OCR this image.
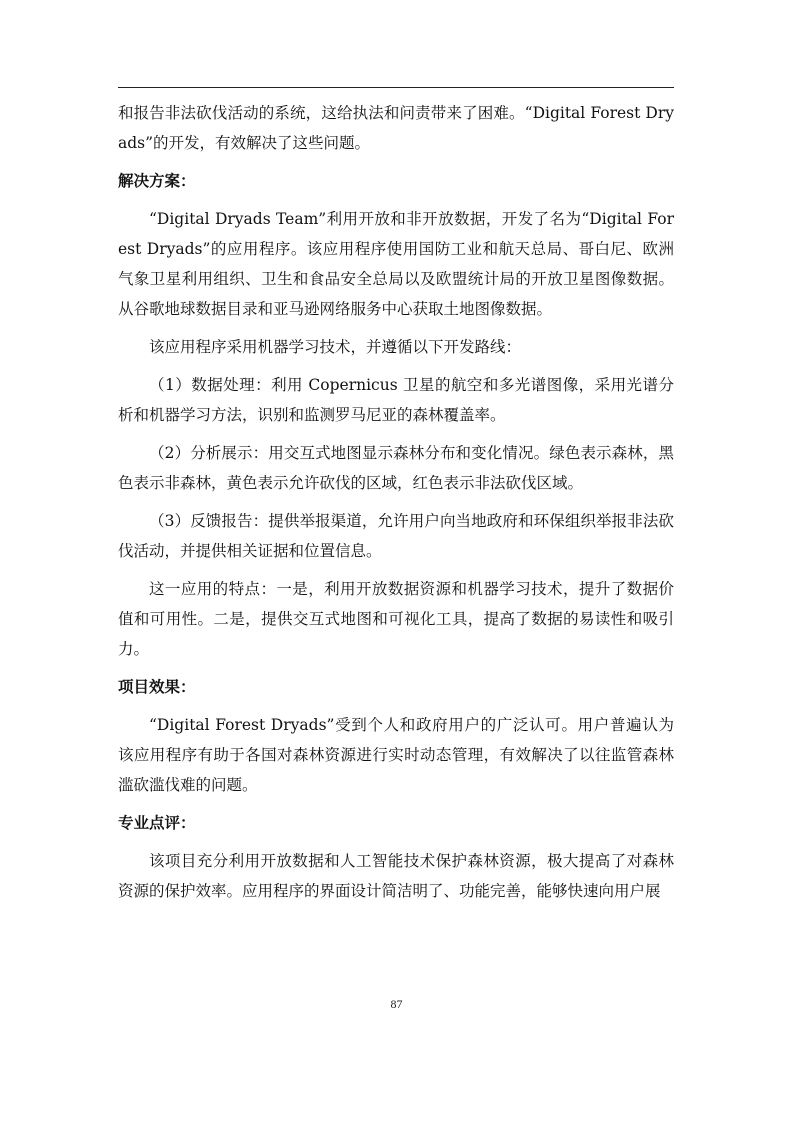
和报告非法砍伐活动的系统，这给执法和问责带来了困难。“Digital Forest Dryads”的开发，有效解决了这些问题。

解决方案：

“Digital Dryads Team”利用开放和非开放数据，开发了名为“Digital Forest Dryads”的应用程序。该应用程序使用国防工业和航天总局、哥白尼、欧洲气象卫星利用组织、卫生和食品安全总局以及欧盟统计局的开放卫星图像数据。从谷歌地球数据目录和亚马逊网络服务中心获取土地图像数据。

该应用程序采用机器学习技术，并遵循以下开发路线：

（1）数据处理：利用 Copernicus 卫星的航空和多光谱图像，采用光谱分析和机器学习方法，识别和监测罗马尼亚的森林覆盖率。

（2）分析展示：用交互式地图显示森林分布和变化情况。绿色表示森林，黑色表示非森林，黄色表示允许砍伐的区域，红色表示非法砍伐区域。

（3）反馈报告：提供举报渠道，允许用户向当地政府和环保组织举报非法砍伐活动，并提供相关证据和位置信息。

这一应用的特点：一是，利用开放数据资源和机器学习技术，提升了数据价值和可用性。二是，提供交互式地图和可视化工具，提高了数据的易读性和吸引力。

项目效果：

“Digital Forest Dryads”受到个人和政府用户的广泛认可。用户普遍认为该应用程序有助于各国对森林资源进行实时动态管理，有效解决了以往监管森林滥砍滥伐难的问题。

专业点评：

该项目充分利用开放数据和人工智能技术保护森林资源，极大提高了对森林资源的保护效率。应用程序的界面设计简洁明了、功能完善，能够快速向用户展

87
